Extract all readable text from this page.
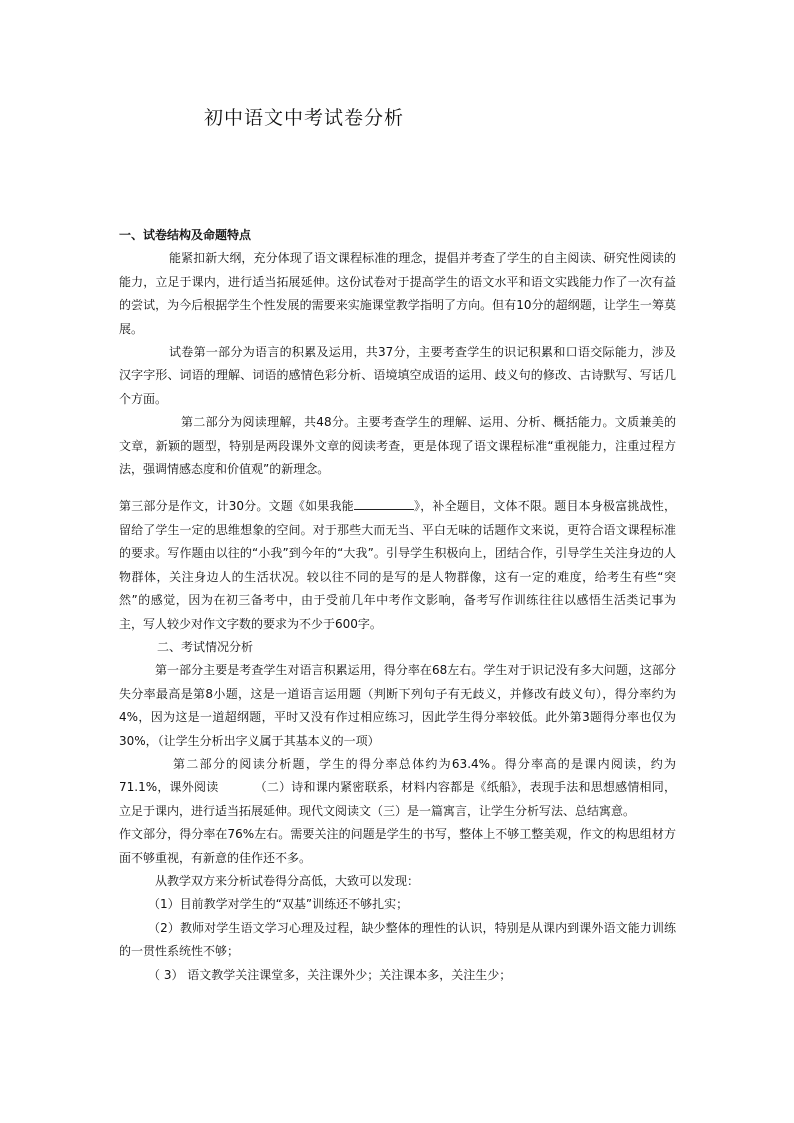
初中语文中考试卷分析

一、试卷结构及命题特点

能紧扣新大纲，充分体现了语文课程标准的理念，提倡并考查了学生的自主阅读、研究性阅读的能力，立足于课内，进行适当拓展延伸。这份试卷对于提高学生的语文水平和语文实践能力作了一次有益的尝试，为今后根据学生个性发展的需要来实施课堂教学指明了方向。但有10分的超纲题，让学生一筹莫展。

试卷第一部分为语言的积累及运用，共37分，主要考查学生的识记积累和口语交际能力，涉及汉字字形、词语的理解、词语的感情色彩分析、语境填空成语的运用、歧义句的修改、古诗默写、写话几个方面。

第二部分为阅读理解，共48分。主要考查学生的理解、运用、分析、概括能力。文质兼美的文章，新颖的题型，特别是两段课外文章的阅读考查，更是体现了语文课程标准“重视能力，注重过程方法，强调情感态度和价值观”的新理念。

第三部分是作文，计30分。文题《如果我能	》，补全题目，文体不限。题目本身极富挑战性，留给了学生一定的思维想象的空间。对于那些大而无当、平白无味的话题作文来说，更符合语文课程标准的要求。写作题由以往的“小我”到今年的“大我”。引导学生积极向上，团结合作，引导学生关注身边的人物群体，关注身边人的生活状况。较以往不同的是写的是人物群像，这有一定的难度，给考生有些“突然”的感觉，因为在初三备考中，由于受前几年中考作文影响，备考写作训练往往以感悟生活类记事为主，写人较少对作文字数的要求为不少于600字。

二、考试情况分析

第一部分主要是考查学生对语言积累运用，得分率在68左右。学生对于识记没有多大问题，这部分失分率最高是第8小题，这是一道语言运用题（判断下列句子有无歧义，并修改有歧义句），得分率约为4%，因为这是一道超纲题，平时又没有作过相应练习，因此学生得分率较低。此外第3题得分率也仅为30%，（让学生分析出字义属于其基本义的一项）

第二部分的阅读分析题，学生的得分率总体约为63.4%。得分率高的是课内阅读，约为71.1%，课外阅读	（二）诗和课内紧密联系，材料内容都是《纸船》，表现手法和思想感情相同，立足于课内，进行适当拓展延伸。现代文阅读文（三）是一篇寓言，让学生分析写法、总结寓意。

作文部分，得分率在76%左右。需要关注的问题是学生的书写，整体上不够工整美观，作文的构思组材方面不够重视，有新意的佳作还不多。

从教学双方来分析试卷得分高低，大致可以发现：

（1）目前教学对学生的“双基”训练还不够扎实；

（2）教师对学生语文学习心理及过程，缺少整体的理性的认识，特别是从课内到课外语文能力训练的一贯性系统性不够；

（ 3） 语文教学关注课堂多，关注课外少；关注课本多，关注生少；
